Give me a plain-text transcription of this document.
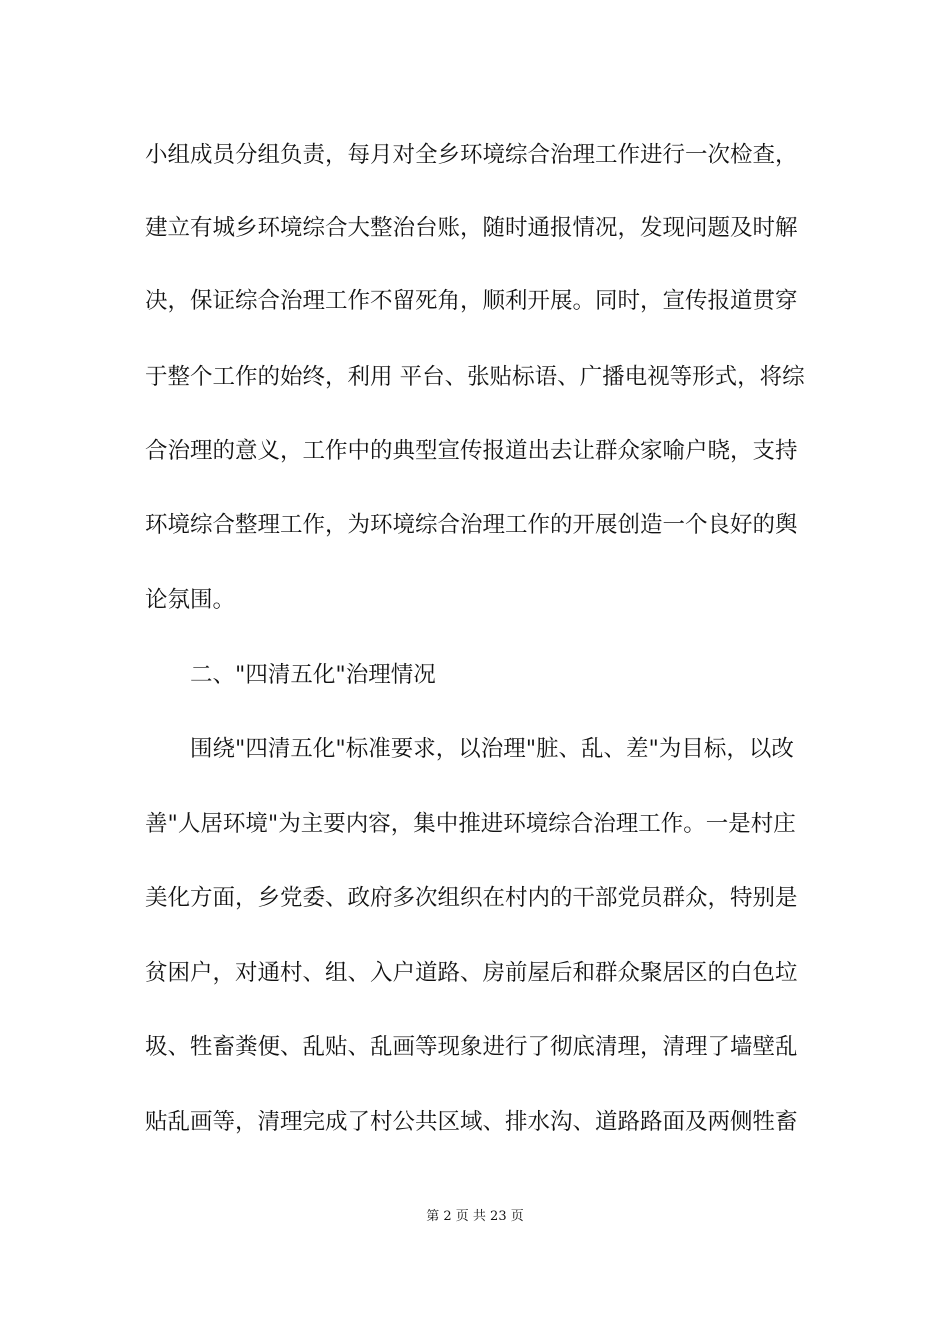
小组成员分组负责，每月对全乡环境综合治理工作进行一次检查，
建立有城乡环境综合大整治台账，随时通报情况，发现问题及时解
决，保证综合治理工作不留死角，顺利开展。同时，宣传报道贯穿
于整个工作的始终，利用 平台、张贴标语、广播电视等形式，将综
合治理的意义，工作中的典型宣传报道出去让群众家喻户晓，支持
环境综合整理工作，为环境综合治理工作的开展创造一个良好的舆
论氛围。
二、"四清五化"治理情况
围绕"四清五化"标准要求，以治理"脏、乱、差"为目标，以改
善"人居环境"为主要内容，集中推进环境综合治理工作。一是村庄
美化方面，乡党委、政府多次组织在村内的干部党员群众，特别是
贫困户，对通村、组、入户道路、房前屋后和群众聚居区的白色垃
圾、牲畜粪便、乱贴、乱画等现象进行了彻底清理，清理了墙壁乱
贴乱画等，清理完成了村公共区域、排水沟、道路路面及两侧牲畜
第 2 页 共 23 页
